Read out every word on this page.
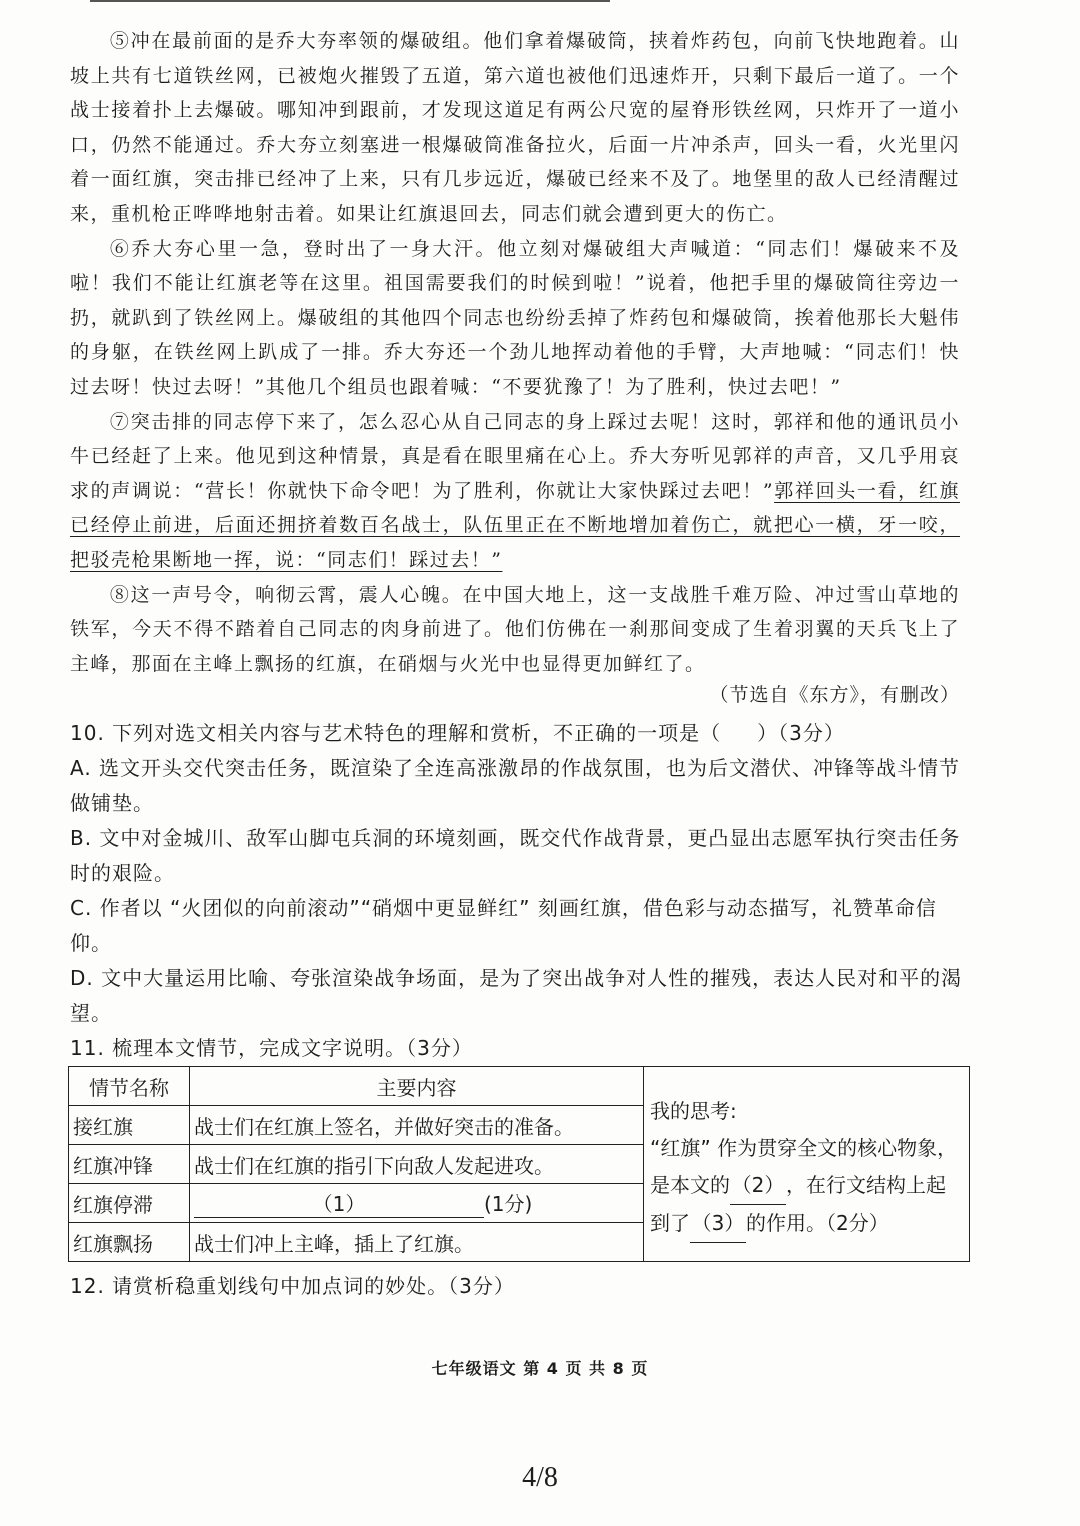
⑤冲在最前面的是乔大夯率领的爆破组。他们拿着爆破筒，挟着炸药包，向前飞快地跑着。山坡上共有七道铁丝网，已被炮火摧毁了五道，第六道也被他们迅速炸开，只剩下最后一道了。一个战士接着扑上去爆破。哪知冲到跟前，才发现这道足有两公尺宽的屋脊形铁丝网，只炸开了一道小口，仍然不能通过。乔大夯立刻塞进一根爆破筒准备拉火，后面一片冲杀声，回头一看，火光里闪着一面红旗，突击排已经冲了上来，只有几步远近，爆破已经来不及了。地堡里的敌人已经清醒过来，重机枪正哗哗地射击着。如果让红旗退回去，同志们就会遭到更大的伤亡。

⑥乔大夯心里一急，登时出了一身大汗。他立刻对爆破组大声喊道：“同志们！爆破来不及啦！我们不能让红旗老等在这里。祖国需要我们的时候到啦！”说着，他把手里的爆破筒往旁边一扔，就趴到了铁丝网上。爆破组的其他四个同志也纷纷丢掉了炸药包和爆破筒，挨着他那长大魁伟的身躯，在铁丝网上趴成了一排。乔大夯还一个劲儿地挥动着他的手臂，大声地喊：“同志们！快过去呀！快过去呀！”其他几个组员也跟着喊：“不要犹豫了！为了胜利，快过去吧！”

⑦突击排的同志停下来了，怎么忍心从自己同志的身上踩过去呢！这时，郭祥和他的通讯员小牛已经赶了上来。他见到这种情景，真是看在眼里痛在心上。乔大夯听见郭祥的声音，又几乎用哀求的声调说：“营长！你就快下命令吧！为了胜利，你就让大家快踩过去吧！”郭祥回头一看，红旗已经停止前进，后面还拥挤着数百名战士，队伍里正在不断地增加着伤亡，就把心一横，牙一咬，把驳壳枪果断地一挥，说：“同志们！踩过去！”

⑧这一声号令，响彻云霄，震人心魄。在中国大地上，这一支战胜千难万险、冲过雪山草地的铁军，今天不得不踏着自己同志的肉身前进了。他们仿佛在一刹那间变成了生着羽翼的天兵飞上了主峰，那面在主峰上飘扬的红旗，在硝烟与火光中也显得更加鲜红了。

（节选自《东方》，有删改）

10. 下列对选文相关内容与艺术特色的理解和赏析，不正确的一项是（ ）（3分）

A. 选文开头交代突击任务，既渲染了全连高涨激昂的作战氛围，也为后文潜伏、冲锋等战斗情节做铺垫。

B. 文中对金城川、敌军山脚屯兵洞的环境刻画，既交代作战背景，更凸显出志愿军执行突击任务时的艰险。

C. 作者以 “火团似的向前滚动”“硝烟中更显鲜红” 刻画红旗，借色彩与动态描写，礼赞革命信仰。

D. 文中大量运用比喻、夸张渲染战争场面，是为了突出战争对人性的摧残，表达人民对和平的渴望。

11. 梳理本文情节，完成文字说明。（3分）

情节名称	主要内容	我的思考:
“红旗” 作为贯穿全文的核心物象，是本文的（2），在行文结构上起到了（3）的作用。（2分）
接红旗	战士们在红旗上签名，并做好突击的准备。	
红旗冲锋	战士们在红旗的指引下向敌人发起进攻。	
红旗停滞	（1） (1分)	
红旗飘扬	战士们冲上主峰，插上了红旗。	
12. 请赏析稳重划线句中加点词的妙处。（3分）
七年级语文 第 4 页 共 8 页
4/8
